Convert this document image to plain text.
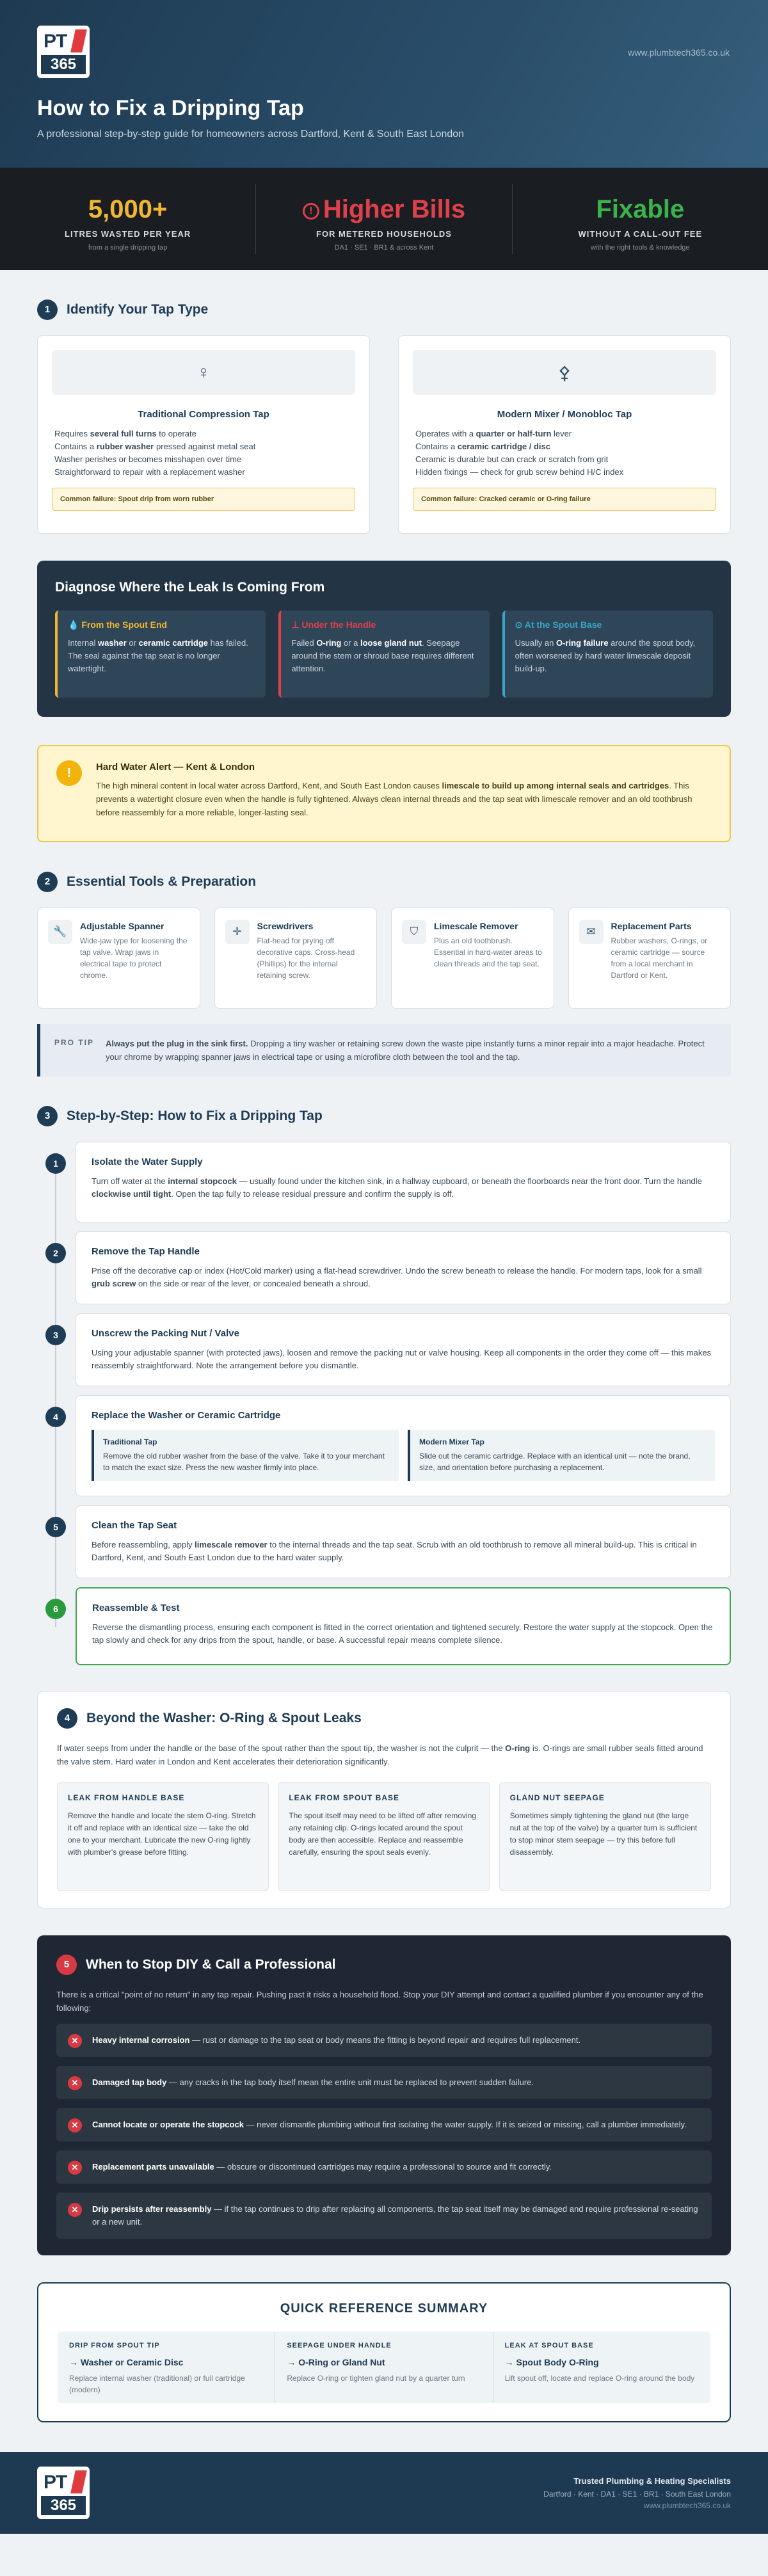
PT
365
www.plumbtech365.co.uk
How to Fix a Dripping Tap

A professional step-by-step guide for homeowners across Dartford, Kent & South East London

5,000+
LITRES WASTED PER YEAR
from a single dripping tap
! Higher Bills
FOR METERED HOUSEHOLDS
DA1 · SE1 · BR1 & across Kent
Fixable
WITHOUT A CALL-OUT FEE
with the right tools & knowledge
1	Identify Your Tap Type
♀
Traditional Compression Tap
Requires several full turns to operate
Contains a rubber washer pressed against metal seat
Washer perishes or becomes misshapen over time
Straightforward to repair with a replacement washer
Common failure: Spout drip from worn rubber
⚴
Modern Mixer / Monobloc Tap
Operates with a quarter or half-turn lever
Contains a ceramic cartridge / disc
Ceramic is durable but can crack or scratch from grit
Hidden fixings — check for grub screw behind H/C index
Common failure: Cracked ceramic or O-ring failure
Diagnose Where the Leak Is Coming From
💧 From the Spout End

Internal washer or ceramic cartridge has failed. The seal against the tap seat is no longer watertight.

⊥ Under the Handle

Failed O-ring or a loose gland nut. Seepage around the stem or shroud base requires different attention.

⊙ At the Spout Base

Usually an O-ring failure around the spout body, often worsened by hard water limescale deposit build-up.

!	Hard Water Alert — Kent & London

The high mineral content in local water across Dartford, Kent, and South East London causes limescale to build up among internal seals and cartridges. This prevents a watertight closure even when the handle is fully tightened. Always clean internal threads and the tap seat with limescale remover and an old toothbrush before reassembly for a more reliable, longer-lasting seal.

2	Essential Tools & Preparation
🔧	Adjustable Spanner

Wide-jaw type for loosening the tap valve. Wrap jaws in electrical tape to protect chrome.

✛	Screwdrivers

Flat-head for prying off decorative caps. Cross-head (Phillips) for the internal retaining screw.

⛉	Limescale Remover

Plus an old toothbrush. Essential in hard-water areas to clean threads and the tap seat.

✉	Replacement Parts

Rubber washers, O-rings, or ceramic cartridge — source from a local merchant in Dartford or Kent.

PRO TIP Always put the plug in the sink first. Dropping a tiny washer or retaining screw down the waste pipe instantly turns a minor repair into a major headache. Protect your chrome by wrapping spanner jaws in electrical tape or using a microfibre cloth between the tool and the tap.

3	Step-by-Step: How to Fix a Dripping Tap
1	Isolate the Water Supply

Turn off water at the internal stopcock — usually found under the kitchen sink, in a hallway cupboard, or beneath the floorboards near the front door. Turn the handle clockwise until tight. Open the tap fully to release residual pressure and confirm the supply is off.

2	Remove the Tap Handle

Prise off the decorative cap or index (Hot/Cold marker) using a flat-head screwdriver. Undo the screw beneath to release the handle. For modern taps, look for a small grub screw on the side or rear of the lever, or concealed beneath a shroud.

3	Unscrew the Packing Nut / Valve

Using your adjustable spanner (with protected jaws), loosen and remove the packing nut or valve housing. Keep all components in the order they come off — this makes reassembly straightforward. Note the arrangement before you dismantle.

4	Replace the Washer or Ceramic Cartridge
Traditional Tap

Remove the old rubber washer from the base of the valve. Take it to your merchant to match the exact size. Press the new washer firmly into place.

Modern Mixer Tap

Slide out the ceramic cartridge. Replace with an identical unit — note the brand, size, and orientation before purchasing a replacement.

5	Clean the Tap Seat

Before reassembling, apply limescale remover to the internal threads and the tap seat. Scrub with an old toothbrush to remove all mineral build-up. This is critical in Dartford, Kent, and South East London due to the hard water supply.

6	Reassemble & Test

Reverse the dismantling process, ensuring each component is fitted in the correct orientation and tightened securely. Restore the water supply at the stopcock. Open the tap slowly and check for any drips from the spout, handle, or base. A successful repair means complete silence.

4	Beyond the Washer: O-Ring & Spout Leaks

If water seeps from under the handle or the base of the spout rather than the spout tip, the washer is not the culprit — the O-ring is. O-rings are small rubber seals fitted around the valve stem. Hard water in London and Kent accelerates their deterioration significantly.

LEAK FROM HANDLE BASE

Remove the handle and locate the stem O-ring. Stretch it off and replace with an identical size — take the old one to your merchant. Lubricate the new O-ring lightly with plumber's grease before fitting.

LEAK FROM SPOUT BASE

The spout itself may need to be lifted off after removing any retaining clip. O-rings located around the spout body are then accessible. Replace and reassemble carefully, ensuring the spout seals evenly.

GLAND NUT SEEPAGE

Sometimes simply tightening the gland nut (the large nut at the top of the valve) by a quarter turn is sufficient to stop minor stem seepage — try this before full disassembly.

5	When to Stop DIY & Call a Professional

There is a critical "point of no return" in any tap repair. Pushing past it risks a household flood. Stop your DIY attempt and contact a qualified plumber if you encounter any of the following:

✕	Heavy internal corrosion — rust or damage to the tap seat or body means the fitting is beyond repair and requires full replacement.
✕	Damaged tap body — any cracks in the tap body itself mean the entire unit must be replaced to prevent sudden failure.
✕	Cannot locate or operate the stopcock — never dismantle plumbing without first isolating the water supply. If it is seized or missing, call a plumber immediately.
✕	Replacement parts unavailable — obscure or discontinued cartridges may require a professional to source and fit correctly.
✕	Drip persists after reassembly — if the tap continues to drip after replacing all components, the tap seat itself may be damaged and require professional re-seating or a new unit.
QUICK REFERENCE SUMMARY
DRIP FROM SPOUT TIP
→ Washer or Ceramic Disc

Replace internal washer (traditional) or full cartridge (modern)

SEEPAGE UNDER HANDLE
→ O-Ring or Gland Nut

Replace O-ring or tighten gland nut by a quarter turn

LEAK AT SPOUT BASE
→ Spout Body O-Ring

Lift spout off, locate and replace O-ring around the body

PT
365
Trusted Plumbing & Heating Specialists
Dartford · Kent · DA1 · SE1 · BR1 · South East London
www.plumbtech365.co.uk
